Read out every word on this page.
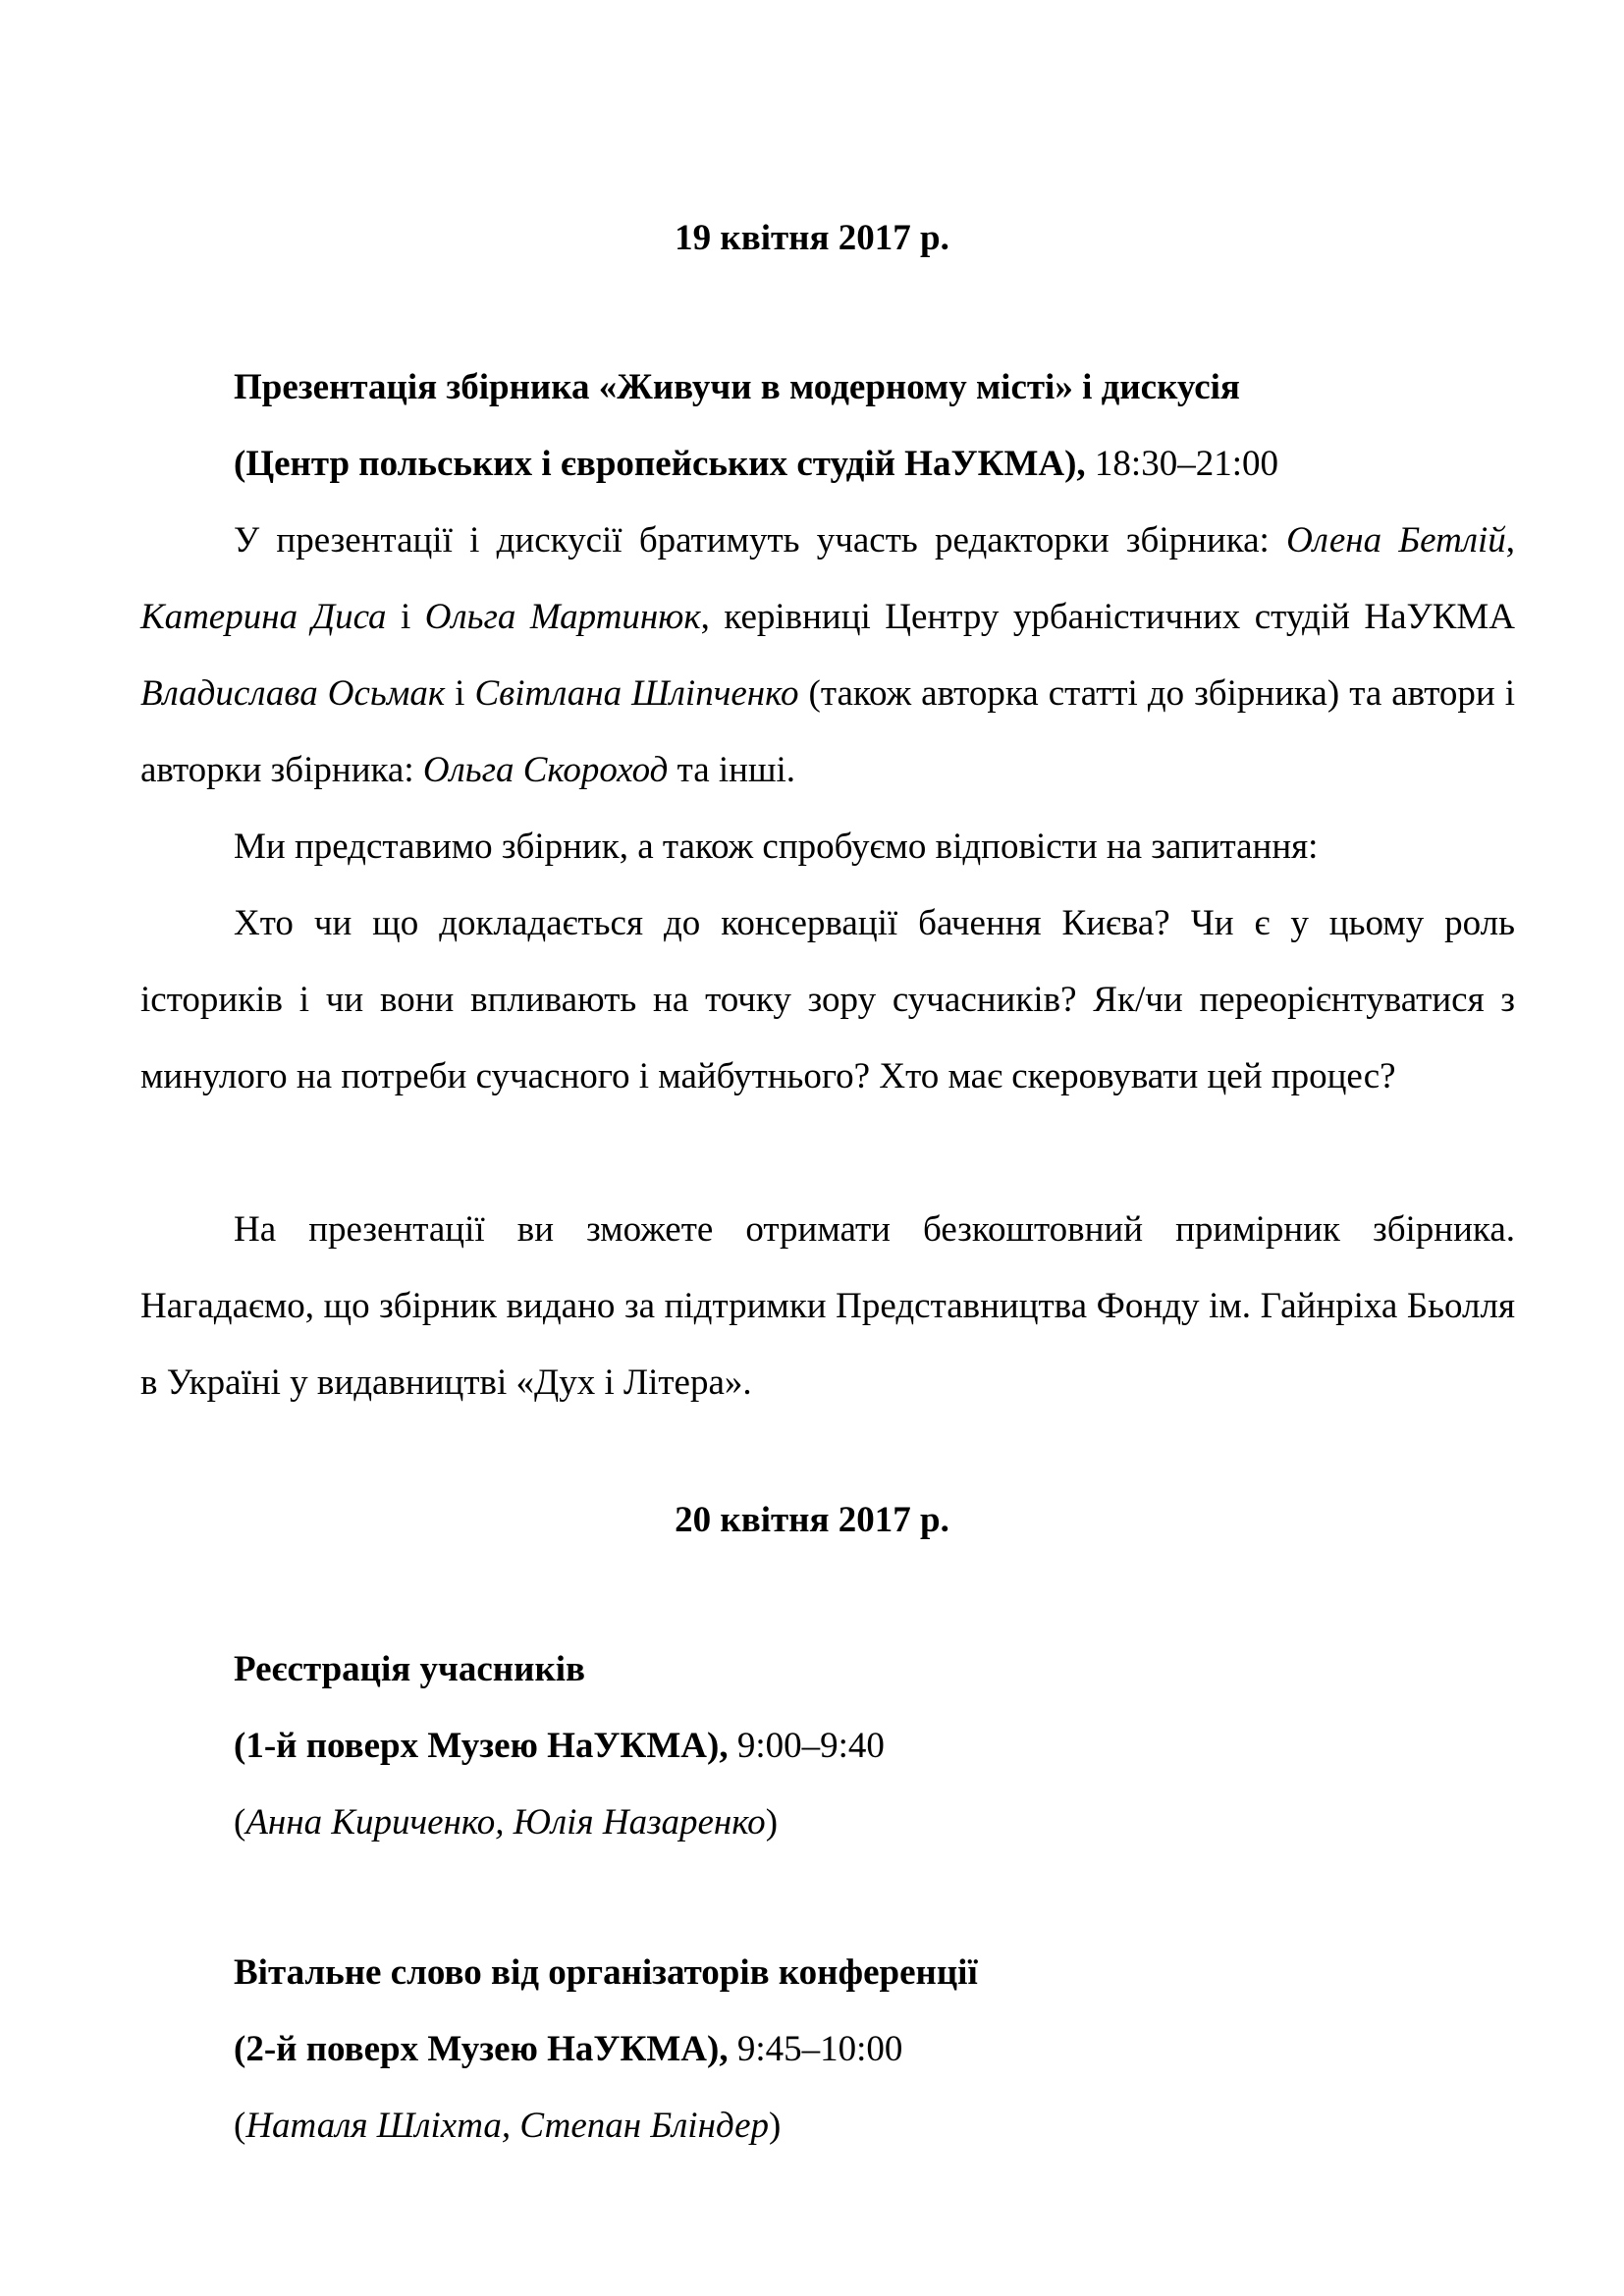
19 квітня 2017 р.
Презентація збірника «Живучи в модерному місті» і дискусія
(Центр польських і європейських студій НаУКМА), 18:30–21:00

У презентації і дискусії братимуть участь редакторки збірника: Олена Бетлій, Катерина Диса і Ольга Мартинюк, керівниці Центру урбаністичних студій НаУКМА Владислава Осьмак і Світлана Шліпченко (також авторка статті до збірника) та автори і авторки збірника: Ольга Скороход та інші.

Ми представимо збірник, а також спробуємо відповісти на запитання:

Хто чи що докладається до консервації бачення Києва? Чи є у цьому роль істориків і чи вони впливають на точку зору сучасників? Як/чи переорієнтуватися з минулого на потреби сучасного і майбутнього? Хто має скеровувати цей процес?

На презентації ви зможете отримати безкоштовний примірник збірника. Нагадаємо, що збірник видано за підтримки Представництва Фонду ім. Гайнріха Бьолля в Україні у видавництві «Дух і Літера».

20 квітня 2017 р.
Реєстрація учасників
(1-й поверх Музею НаУКМА), 9:00–9:40
(Анна Кириченко, Юлія Назаренко)
Вітальне слово від організаторів конференції
(2-й поверх Музею НаУКМА), 9:45–10:00
(Наталя Шліхта, Степан Бліндер)
